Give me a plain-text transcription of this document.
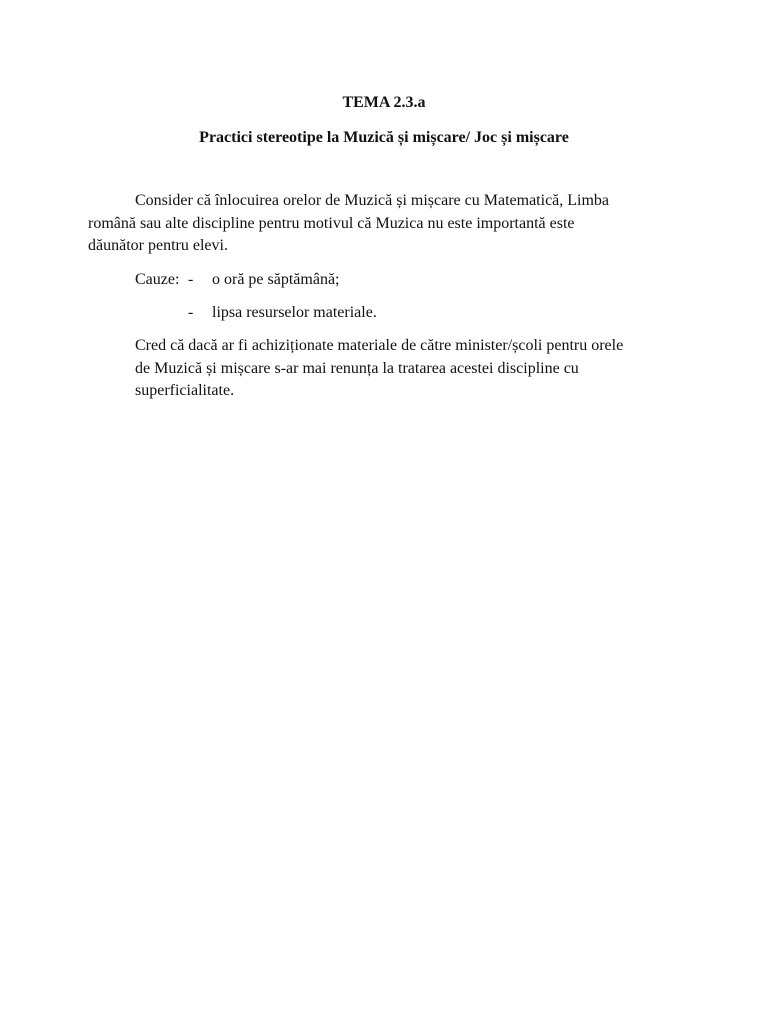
TEMA 2.3.a

Practici stereotipe la Muzică și mișcare/ Joc și mișcare

Consider că înlocuirea orelor de Muzică și mișcare cu Matematică, Limba
română sau alte discipline pentru motivul că Muzica nu este importantă este
dăunător pentru elevi.

Cauze: - o oră pe săptămână;
- lipsa resurselor materiale.

Cred că dacă ar fi achiziționate materiale de către minister/școli pentru orele
de Muzică și mișcare s-ar mai renunța la tratarea acestei discipline cu
superficialitate.
